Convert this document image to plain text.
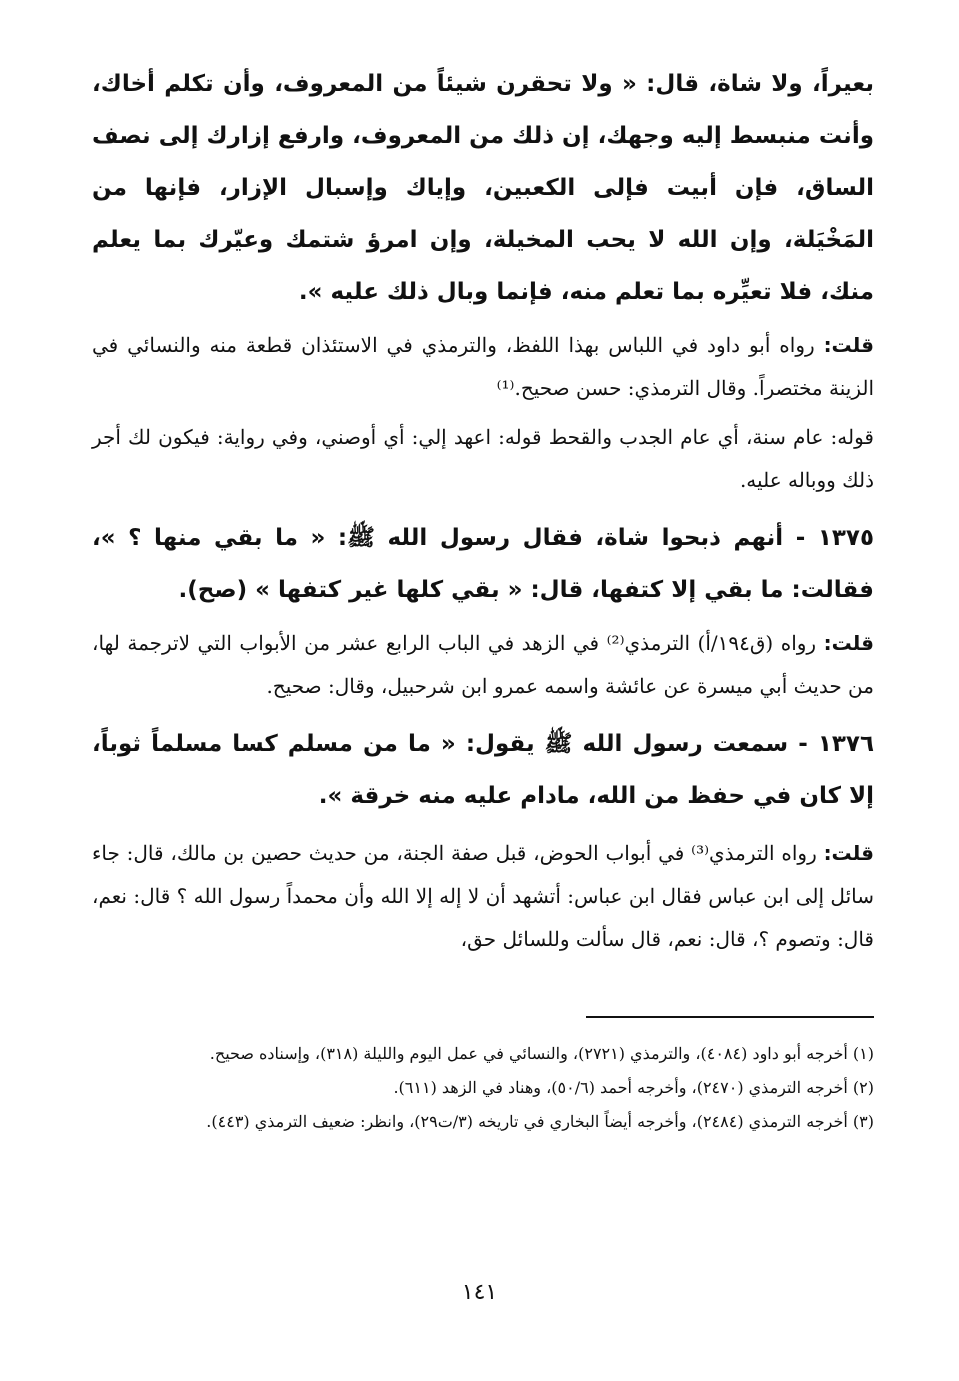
بعيراً، ولا شاة، قال: « ولا تحقرن شيئاً من المعروف، وأن تكلم أخاك، وأنت منبسط إليه وجهك، إن ذلك من المعروف، وارفع إزارك إلى نصف الساق، فإن أبيت فإلى الكعبين، وإياك وإسبال الإزار، فإنها من المَخْيَلة، وإن الله لا يحب المخيلة، وإن امرؤ شتمك وعيّرك بما يعلم منك، فلا تعيِّره بما تعلم منه، فإنما وبال ذلك عليه ».

قلت: رواه أبو داود في اللباس بهذا اللفظ، والترمذي في الاستئذان قطعة منه والنسائي في الزينة مختصراً. وقال الترمذي: حسن صحيح.⁽¹⁾

قوله: عام سنة، أي عام الجدب والقحط قوله: اعهد إلي: أي أوصني، وفي رواية: فيكون لك أجر ذلك ووباله عليه.

١٣٧٥ - أنهم ذبحوا شاة، فقال رسول الله ﷺ: « ما بقي منها ؟ »، فقالت: ما بقي إلا كتفها، قال: « بقي كلها غير كتفها » (صح).

قلت: رواه (ق١٩٤/أ) الترمذي⁽²⁾ في الزهد في الباب الرابع عشر من الأبواب التي لاترجمة لها، من حديث أبي ميسرة عن عائشة واسمه عمرو ابن شرحبيل، وقال: صحيح.

١٣٧٦ - سمعت رسول الله ﷺ يقول: « ما من مسلم كسا مسلماً ثوباً، إلا كان في حفظ من الله، مادام عليه منه خرقة ».

قلت: رواه الترمذي⁽³⁾ في أبواب الحوض، قبل صفة الجنة، من حديث حصين بن مالك، قال: جاء سائل إلى ابن عباس فقال ابن عباس: أتشهد أن لا إله إلا الله وأن محمداً رسول الله ؟ قال: نعم، قال: وتصوم ؟، قال: نعم، قال سألت وللسائل حق،

(١) أخرجه أبو داود (٤٠٨٤)، والترمذي (٢٧٢١)، والنسائي في عمل اليوم والليلة (٣١٨)، وإسناده صحيح.

(٢) أخرجه الترمذي (٢٤٧٠)، وأخرجه أحمد (٥٠/٦)، وهناد في الزهد (٦١١).

(٣) أخرجه الترمذي (٢٤٨٤)، وأخرجه أيضاً البخاري في تاريخه (٣/ت٢٩)، وانظر: ضعيف الترمذي (٤٤٣).

١٤١
